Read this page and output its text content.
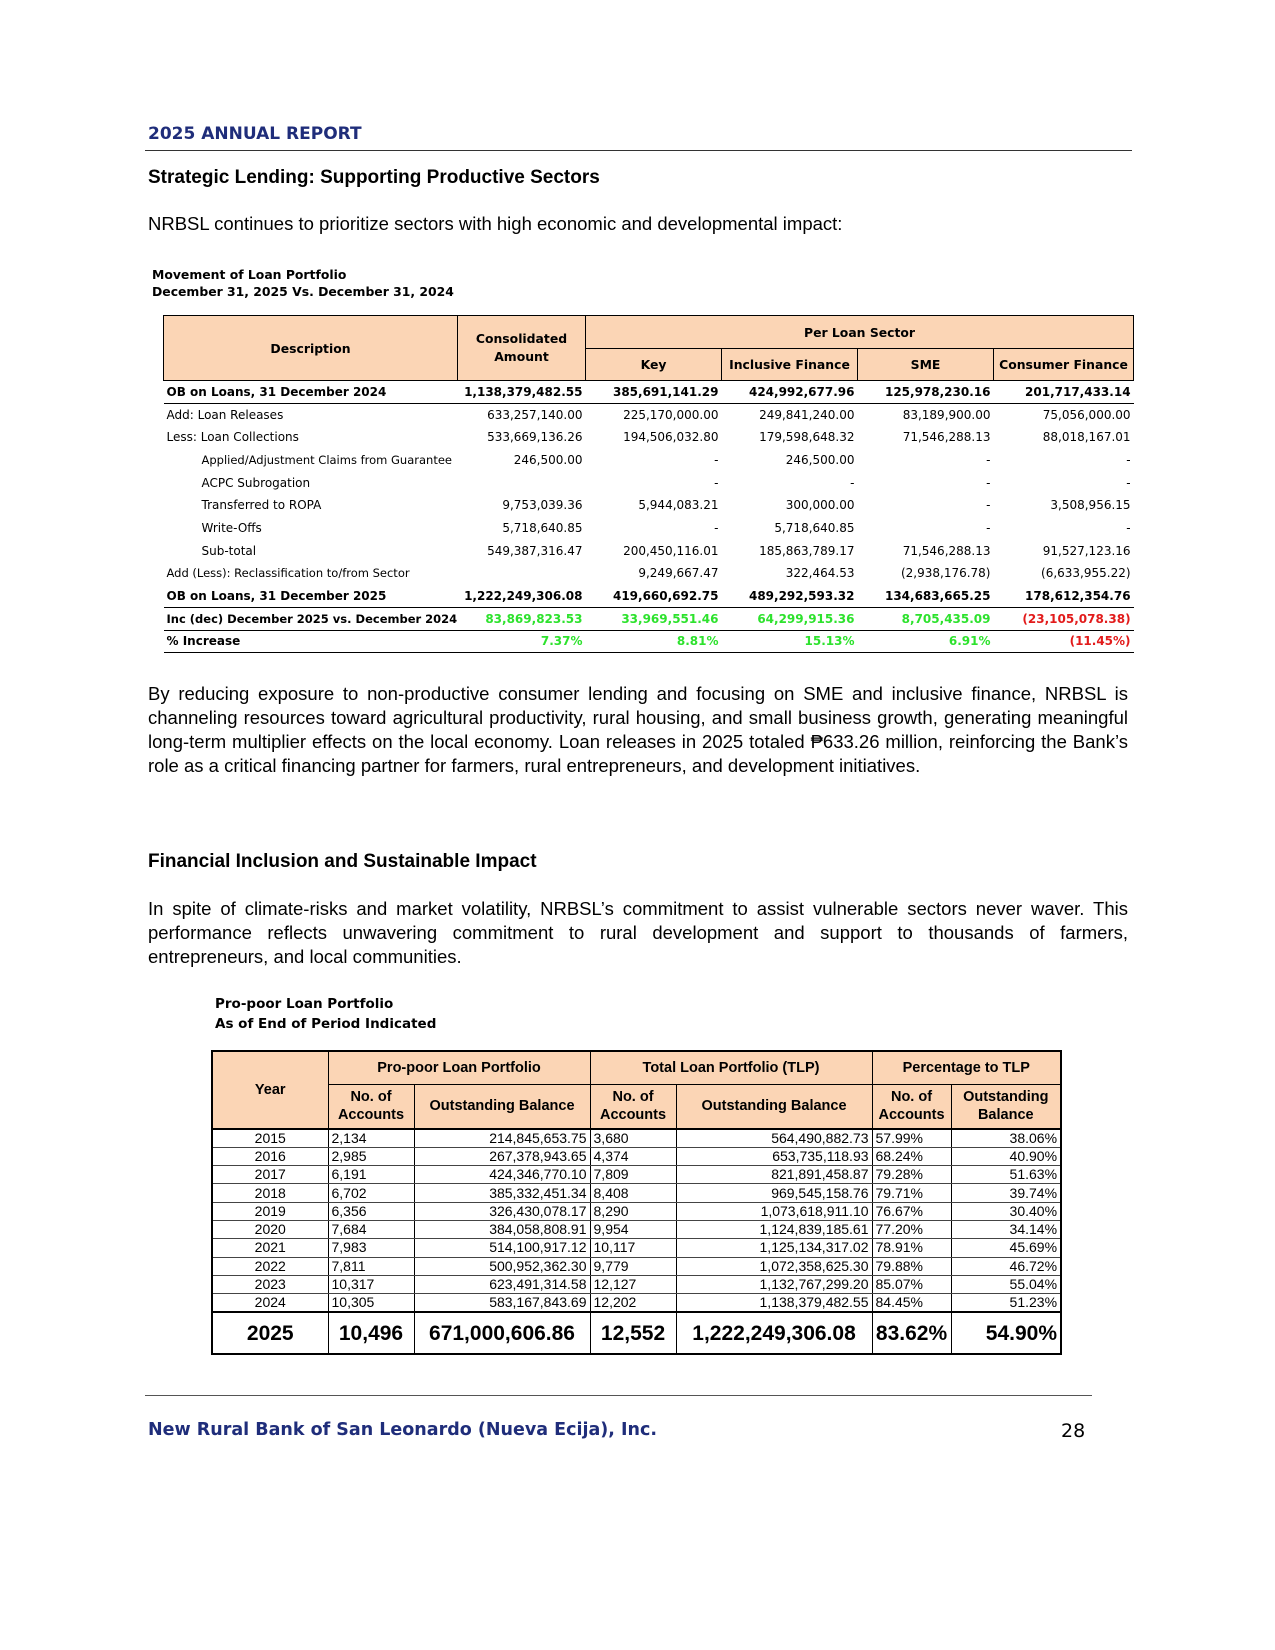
2025 ANNUAL REPORT
Strategic Lending: Supporting Productive Sectors
NRBSL continues to prioritize sectors with high economic and developmental impact:
Movement of Loan Portfolio
December 31, 2025 Vs. December 31, 2024
Description	Consolidated Amount	Per Loan Sector			
		Key	Inclusive Finance	SME	Consumer Finance
OB on Loans, 31 December 2024	1,138,379,482.55	385,691,141.29	424,992,677.96	125,978,230.16	201,717,433.14
Add: Loan Releases	633,257,140.00	225,170,000.00	249,841,240.00	83,189,900.00	75,056,000.00
Less: Loan Collections	533,669,136.26	194,506,032.80	179,598,648.32	71,546,288.13	88,018,167.01
Applied/Adjustment Claims from Guarantee	246,500.00	-	246,500.00	-	-
ACPC Subrogation		-	-	-	-
Transferred to ROPA	9,753,039.36	5,944,083.21	300,000.00	-	3,508,956.15
Write-Offs	5,718,640.85	-	5,718,640.85	-	-
Sub-total	549,387,316.47	200,450,116.01	185,863,789.17	71,546,288.13	91,527,123.16
Add (Less): Reclassification to/from Sector		9,249,667.47	322,464.53	(2,938,176.78)	(6,633,955.22)
OB on Loans, 31 December 2025	1,222,249,306.08	419,660,692.75	489,292,593.32	134,683,665.25	178,612,354.76
Inc (dec) December 2025 vs. December 2024	83,869,823.53	33,969,551.46	64,299,915.36	8,705,435.09	(23,105,078.38)
% Increase	7.37%	8.81%	15.13%	6.91%	(11.45%)
By reducing exposure to non-productive consumer lending and focusing on SME and inclusive finance, NRBSL is channeling resources toward agricultural productivity, rural housing, and small business growth, generating meaningful long-term multiplier effects on the local economy. Loan releases in 2025 totaled ₱633.26 million, reinforcing the Bank’s role as a critical financing partner for farmers, rural entrepreneurs, and development initiatives.
Financial Inclusion and Sustainable Impact
In spite of climate-risks and market volatility, NRBSL’s commitment to assist vulnerable sectors never waver. This performance reflects unwavering commitment to rural development and support to thousands of farmers, entrepreneurs, and local communities.
Pro-poor Loan Portfolio
As of End of Period Indicated
Year	Pro-poor Loan Portfolio		Total Loan Portfolio (TLP)		Percentage to TLP	
	No. of Accounts	Outstanding Balance	No. of Accounts	Outstanding Balance	No. of Accounts	Outstanding Balance
2015	2,134	214,845,653.75	3,680	564,490,882.73	57.99%	38.06%
2016	2,985	267,378,943.65	4,374	653,735,118.93	68.24%	40.90%
2017	6,191	424,346,770.10	7,809	821,891,458.87	79.28%	51.63%
2018	6,702	385,332,451.34	8,408	969,545,158.76	79.71%	39.74%
2019	6,356	326,430,078.17	8,290	1,073,618,911.10	76.67%	30.40%
2020	7,684	384,058,808.91	9,954	1,124,839,185.61	77.20%	34.14%
2021	7,983	514,100,917.12	10,117	1,125,134,317.02	78.91%	45.69%
2022	7,811	500,952,362.30	9,779	1,072,358,625.30	79.88%	46.72%
2023	10,317	623,491,314.58	12,127	1,132,767,299.20	85.07%	55.04%
2024	10,305	583,167,843.69	12,202	1,138,379,482.55	84.45%	51.23%
2025	10,496	671,000,606.86	12,552	1,222,249,306.08	83.62%	54.90%
New Rural Bank of San Leonardo (Nueva Ecija), Inc.	28
